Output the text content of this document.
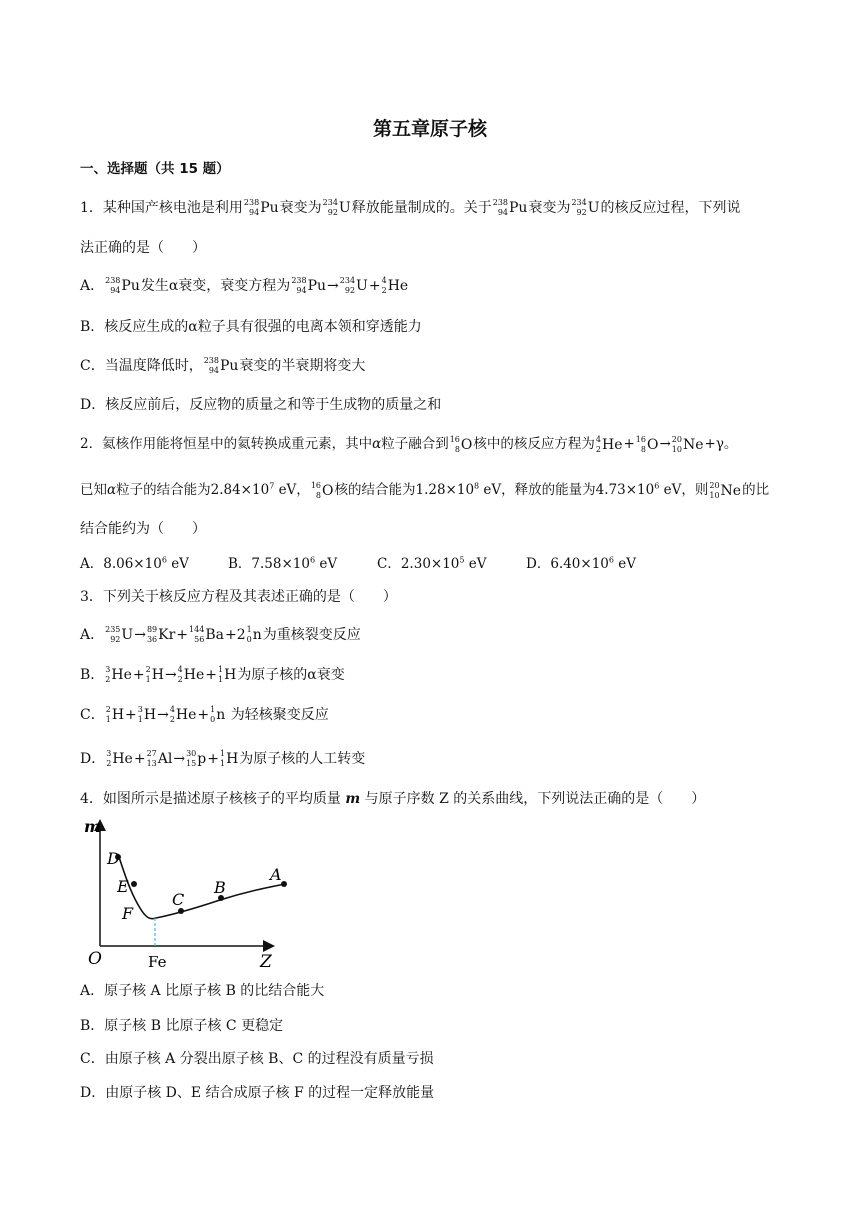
第五章原子核
一、选择题（共 15 题）
1．某种国产核电池是利用 238
94 Pu 衰变为 234
92 U 释放能量制成的。关于 238
94 Pu 衰变为 234
92 U 的核反应过程，下列说
法正确的是（　　）
A． 238
94 Pu 发生α衰变，衰变方程为 238
94 Pu → 234
92 U + 4
2 He
B．核反应生成的α粒子具有很强的电离本领和穿透能力
C．当温度降低时， 238
94 Pu 衰变的半衰期将变大
D．核反应前后，反应物的质量之和等于生成物的质量之和
2．氦核作用能将恒星中的氦转换成重元素，其中α粒子融合到 16
8 O 核中的核反应方程为 4
2 He + 16
8 O → 20
10 Ne +γ。
已知α粒子的结合能为$2.84\times 10^7$ eV， 16
8 O 核的结合能为$1.28\times 10^8$ eV，释放的能量为$4.73\times 10^6$ eV，则 20
10 Ne 的比
结合能约为（　　）
A．$8.06\times 10^6$ eV	B．$7.58\times 10^6$ eV	C．$2.30\times 10^5$ eV	D．$6.40\times 10^6$ eV
3．下列关于核反应方程及其表述正确的是（　　）
A． 235
92 U → 89
36 Kr + 144
56 Ba +2 1
0 n 为重核裂变反应
B． 3
2 He + 2
1 H → 4
2 He + 1
1 H 为原子核的α衰变
C． 2
1 H + 3
1 H → 4
2 He + 1
0 n 为轻核聚变反应
D． 3
2 He + 27
13 Al → 30
15 p + 1
1 H 为原子核的人工转变
4．如图所示是描述原子核核子的平均质量 m 与原子序数 Z 的关系曲线，下列说法正确的是（　　）
m
Z
O	Fe
D
E
F
C
B
A
A．原子核 A 比原子核 B 的比结合能大
B．原子核 B 比原子核 C 更稳定
C．由原子核 A 分裂出原子核 B、C 的过程没有质量亏损
D．由原子核 D、E 结合成原子核 F 的过程一定释放能量
